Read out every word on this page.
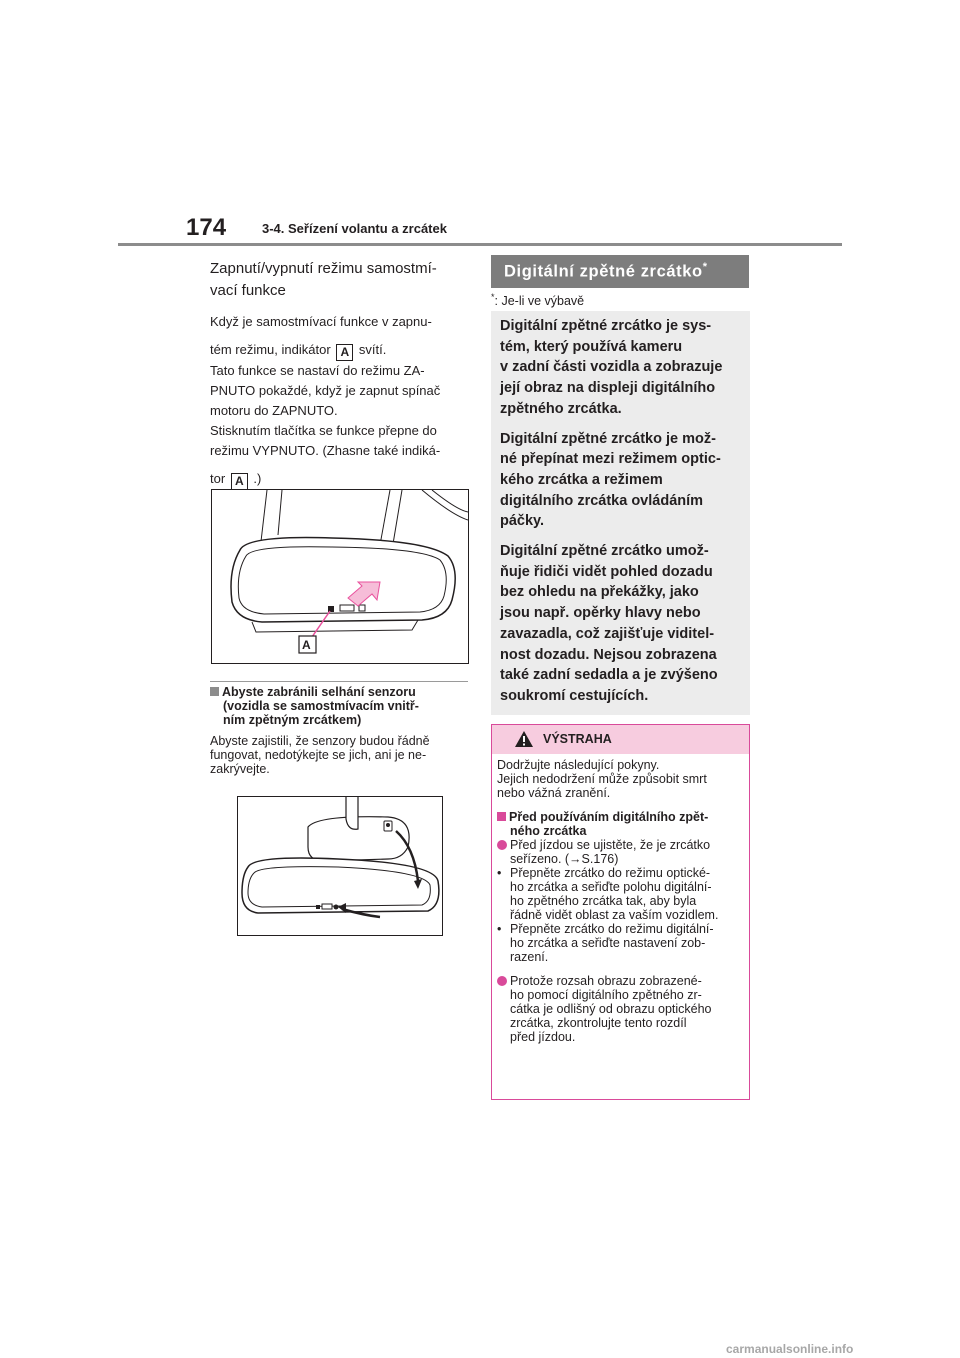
174	3-4. Seřízení volantu a zrcátek
Zapnutí/vypnutí režimu samostmí-
vací funkce
Když je samostmívací funkce v zapnu-
tém režimu, indikátor A svítí.
Tato funkce se nastaví do režimu ZA-
PNUTO pokaždé, když je zapnut spínač
motoru do ZAPNUTO.
Stisknutím tlačítka se funkce přepne do
režimu VYPNUTO. (Zhasne také indiká-
tor A .)
A
Abyste zabránili selhání senzoru
(vozidla se samostmívacím vnitř-
ním zpětným zrcátkem)
Abyste zajistili, že senzory budou řádně
fungovat, nedotýkejte se jich, ani je ne-
zakrývejte.
Digitální zpětné zrcátko*
*: Je-li ve výbavě

Digitální zpětné zrcátko je sys-
tém, který používá kameru
v zadní části vozidla a zobrazuje
její obraz na displeji digitálního
zpětného zrcátka.

Digitální zpětné zrcátko je mož-
né přepínat mezi režimem optic-
kého zrcátka a režimem
digitálního zrcátka ovládáním
páčky.

Digitální zpětné zrcátko umož-
ňuje řidiči vidět pohled dozadu
bez ohledu na překážky, jako
jsou např. opěrky hlavy nebo
zavazadla, což zajišťuje viditel-
nost dozadu. Nejsou zobrazena
také zadní sedadla a je zvýšeno
soukromí cestujících.

VÝSTRAHA
Dodržujte následující pokyny.
Jejich nedodržení může způsobit smrt
nebo vážná zranění.
Před používáním digitálního zpět-
ného zrcátka
Před jízdou se ujistěte, že je zrcátko
seřízeno. (→S.176)
• Přepněte zrcátko do režimu optické-
ho zrcátka a seřiďte polohu digitální-
ho zpětného zrcátka tak, aby byla
řádně vidět oblast za vaším vozidlem.
• Přepněte zrcátko do režimu digitální-
ho zrcátka a seřiďte nastavení zob-
razení.
Protože rozsah obrazu zobrazené-
ho pomocí digitálního zpětného zr-
cátka je odlišný od obrazu optického
zrcátka, zkontrolujte tento rozdíl
před jízdou.
carmanualsonline.info
